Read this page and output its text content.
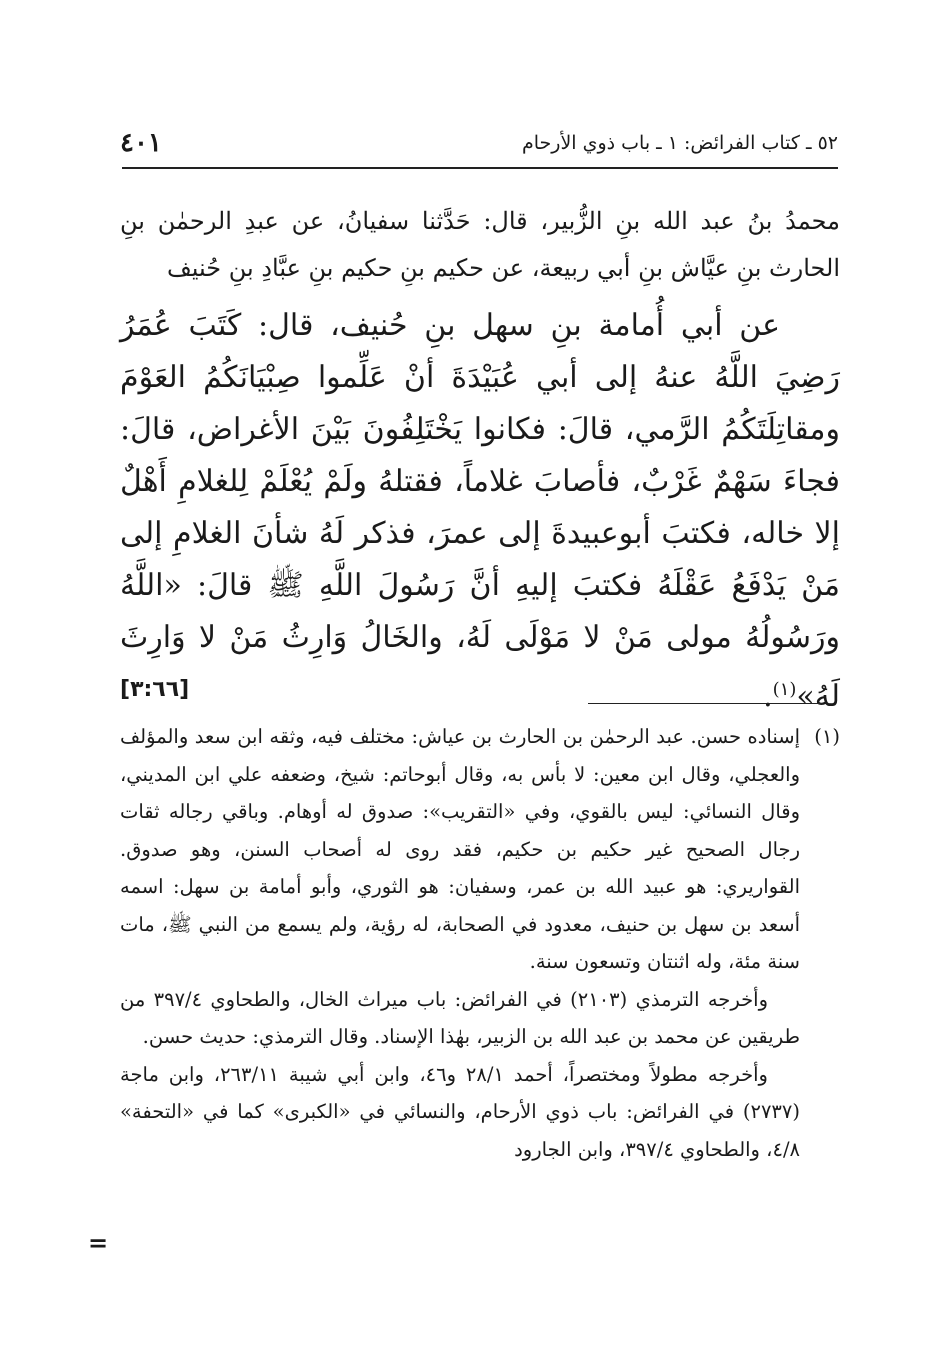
٥٢ ـ كتاب الفرائض: ١ ـ باب ذوي الأرحام
٤٠١
محمدُ بنُ عبد الله بنِ الزُّبير، قال: حَدَّثنا سفيانُ، عن عبدِ الرحمٰن بنِ الحارث بنِ عيَّاش بنِ أبي ربيعة، عن حكيم بنِ حكيم بنِ عبَّادِ بنِ حُنيف

عن أبي أُمامة بنِ سهل بنِ حُنيف، قال: كَتَبَ عُمَرُ رَضِيَ اللَّهُ عنهُ إلى أبي عُبَيْدَةَ أنْ عَلِّموا صِبْيَانَكُمُ العَوْمَ ومقاتِلَتَكُمُ الرَّمي، قالَ: فكانوا يَخْتَلِفُونَ بَيْنَ الأغراض، قالَ: فجاءَ سَهْمٌ غَرْبٌ، فأصابَ غلاماً، فقتلهُ ولَمْ يُعْلَمْ لِلغلامِ أَهْلٌ إلا خاله، فكتبَ أبوعبيدةَ إلى عمرَ، فذكر لَهُ شأنَ الغلامِ إلى مَنْ يَدْفَعُ عَقْلَهُ فكتبَ إليهِ أنَّ رَسُولَ اللَّهِ ﷺ قالَ: «اللَّهُ ورَسُولُهُ مولى مَنْ لا مَوْلَى لَهُ، والخَالُ وَارِثُ مَنْ لا وَارِثَ لَهُ»$^{(١)}$.
[٣:٦٦]

(١)
إسناده حسن. عبد الرحمٰن بن الحارث بن عياش: مختلف فيه، وثقه ابن سعد والمؤلف والعجلي، وقال ابن معين: لا بأس به، وقال أبوحاتم: شيخ، وضعفه علي ابن المديني، وقال النسائي: ليس بالقوي، وفي «التقريب»: صدوق له أوهام. وباقي رجاله ثقات رجال الصحيح غير حكيم بن حكيم، فقد روى له أصحاب السنن، وهو صدوق. القواريري: هو عبيد الله بن عمر، وسفيان: هو الثوري، وأبو أمامة بن سهل: اسمه أسعد بن سهل بن حنيف، معدود في الصحابة، له رؤية، ولم يسمع من النبي ﷺ، مات سنة مئة، وله اثنتان وتسعون سنة.

وأخرجه الترمذي (٢١٠٣) في الفرائض: باب ميراث الخال، والطحاوي ٣٩٧/٤ من طريقين عن محمد بن عبد الله بن الزبير، بهٰذا الإسناد. وقال الترمذي: حديث حسن.

وأخرجه مطولاً ومختصراً، أحمد ٢٨/١ و٤٦، وابن أبي شيبة ٢٦٣/١١، وابن ماجة (٢٧٣٧) في الفرائض: باب ذوي الأرحام، والنسائي في «الكبرى» كما في «التحفة» ٤/٨، والطحاوي ٣٩٧/٤، وابن الجارود

=
